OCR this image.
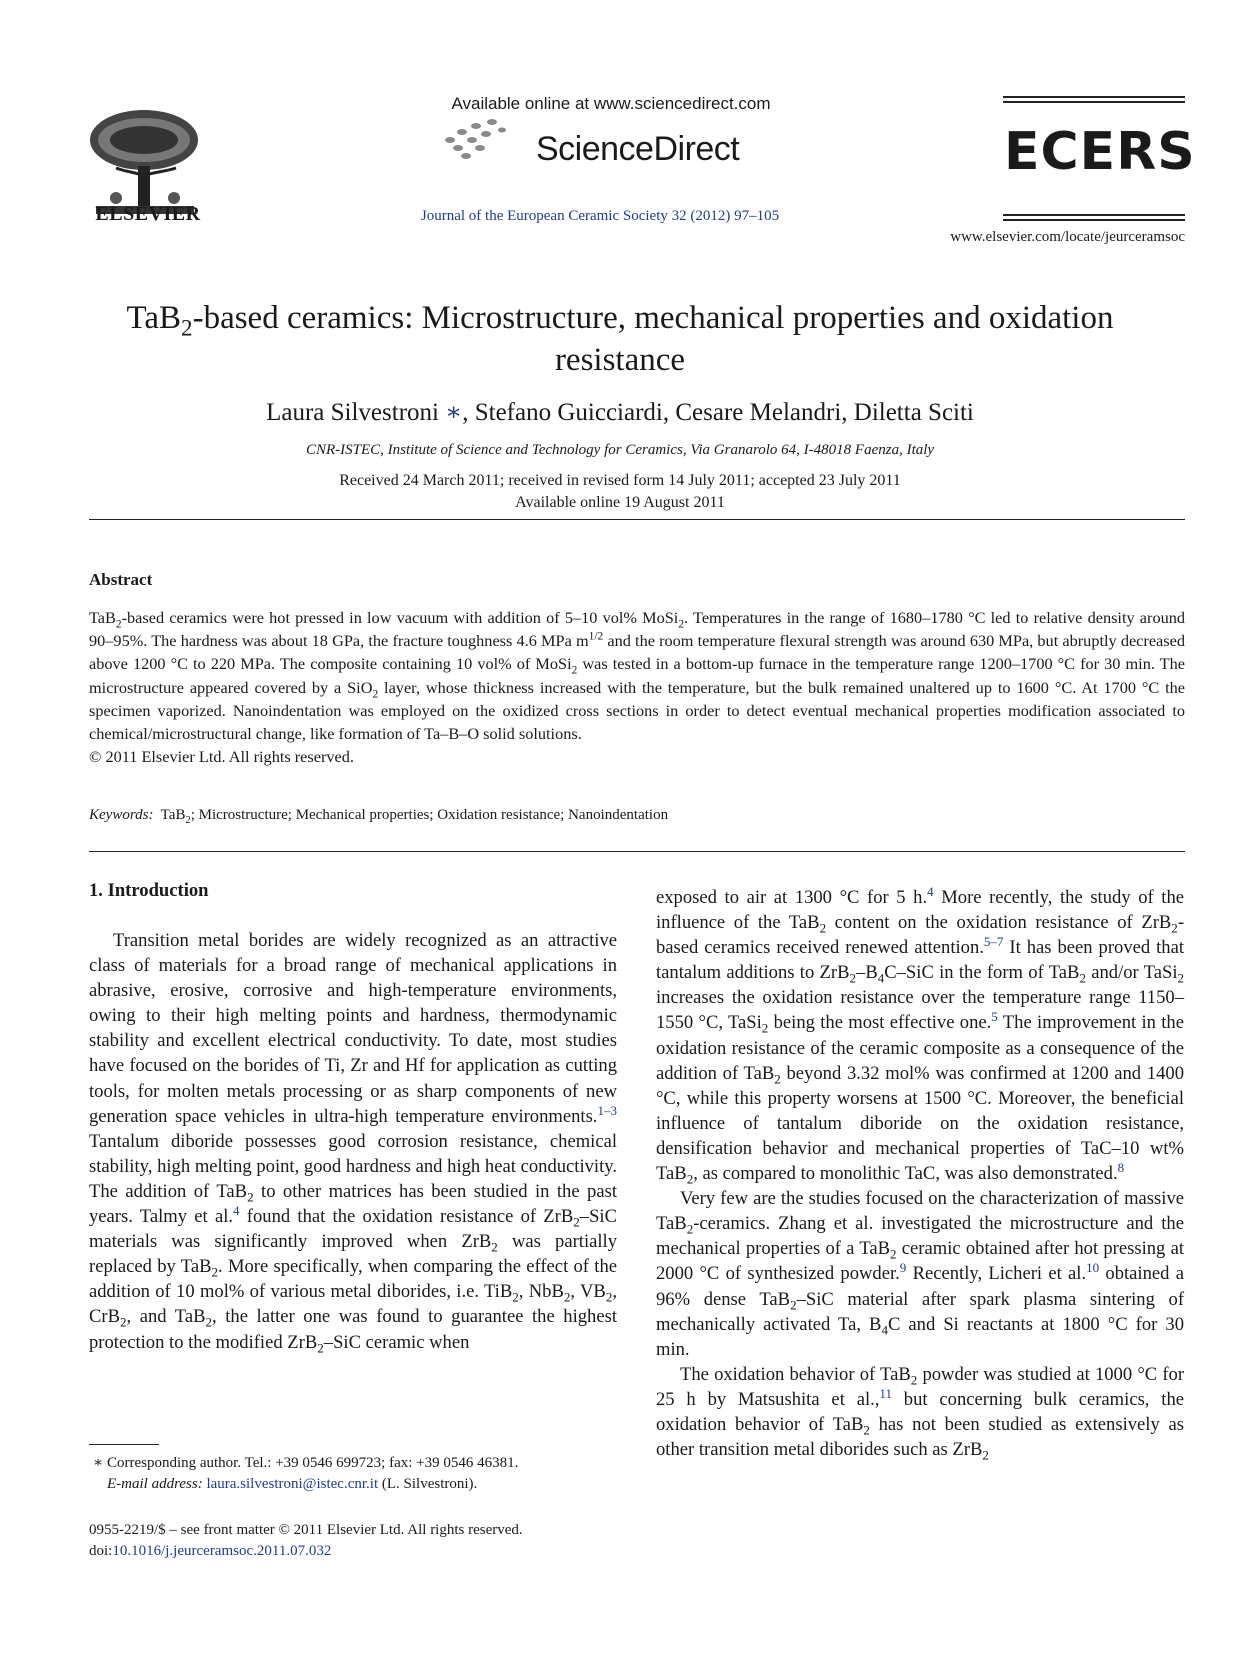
ELSEVIER
Available online at www.sciencedirect.com
ScienceDirect
Journal of the European Ceramic Society 32 (2012) 97–105
ECERS
www.elsevier.com/locate/jeurceramsoc
TaB$_2$-based ceramics: Microstructure, mechanical properties and oxidation resistance
Laura Silvestroni ∗, Stefano Guicciardi, Cesare Melandri, Diletta Sciti
CNR-ISTEC, Institute of Science and Technology for Ceramics, Via Granarolo 64, I-48018 Faenza, Italy
Received 24 March 2011; received in revised form 14 July 2011; accepted 23 July 2011
Available online 19 August 2011
Abstract
TaB$_2$-based ceramics were hot pressed in low vacuum with addition of 5–10 vol% MoSi$_2$. Temperatures in the range of 1680–1780 °C led to relative density around 90–95%. The hardness was about 18 GPa, the fracture toughness 4.6 MPa $m^{1/2}$ and the room temperature flexural strength was around 630 MPa, but abruptly decreased above 1200 °C to 220 MPa. The composite containing 10 vol% of MoSi$_2$ was tested in a bottom-up furnace in the temperature range 1200–1700 °C for 30 min. The microstructure appeared covered by a SiO$_2$ layer, whose thickness increased with the temperature, but the bulk remained unaltered up to 1600 °C. At 1700 °C the specimen vaporized. Nanoindentation was employed on the oxidized cross sections in order to detect eventual mechanical properties modification associated to chemical/microstructural change, like formation of Ta–B–O solid solutions.
© 2011 Elsevier Ltd. All rights reserved.
Keywords:  TaB$_2$; Microstructure; Mechanical properties; Oxidation resistance; Nanoindentation
1. Introduction

Transition metal borides are widely recognized as an attractive class of materials for a broad range of mechanical applications in abrasive, erosive, corrosive and high-temperature environments, owing to their high melting points and hardness, thermodynamic stability and excellent electrical conductivity. To date, most studies have focused on the borides of Ti, Zr and Hf for application as cutting tools, for molten metals processing or as sharp components of new generation space vehicles in ultra-high temperature environments.$^{1-3}$ Tantalum diboride possesses good corrosion resistance, chemical stability, high melting point, good hardness and high heat conductivity. The addition of TaB$_2$ to other matrices has been studied in the past years. Talmy et al.$^4$ found that the oxidation resistance of ZrB$_2$–SiC materials was significantly improved when ZrB$_2$ was partially replaced by TaB$_2$. More specifically, when comparing the effect of the addition of 10 mol% of various metal diborides, i.e. TiB$_2$, NbB$_2$, $VB_2$, CrB$_2$, and TaB$_2$, the latter one was found to guarantee the highest protection to the modified ZrB$_2$–SiC ceramic when

exposed to air at 1300 °C for 5 h.$^4$ More recently, the study of the influence of the TaB$_2$ content on the oxidation resistance of ZrB$_2$-based ceramics received renewed attention.$^{5-7}$ It has been proved that tantalum additions to $ZrB_2-B_4C$–SiC in the form of TaB$_2$ and/or TaSi$_2$ increases the oxidation resistance over the temperature range 1150–1550 °C, TaSi$_2$ being the most effective one.$^5$ The improvement in the oxidation resistance of the ceramic composite as a consequence of the addition of TaB$_2$ beyond 3.32 mol% was confirmed at 1200 and 1400 °C, while this property worsens at 1500 °C. Moreover, the beneficial influence of tantalum diboride on the oxidation resistance, densification behavior and mechanical properties of TaC–10 wt% TaB$_2$, as compared to monolithic TaC, was also demonstrated.$^8$

Very few are the studies focused on the characterization of massive TaB$_2$-ceramics. Zhang et al. investigated the microstructure and the mechanical properties of a TaB$_2$ ceramic obtained after hot pressing at 2000 °C of synthesized powder.$^9$ Recently, Licheri et al.$^{10}$ obtained a 96% dense TaB$_2$–SiC material after spark plasma sintering of mechanically activated Ta, $B_4C$ and Si reactants at 1800 °C for 30 min.

The oxidation behavior of TaB$_2$ powder was studied at 1000 °C for 25 h by Matsushita et al.,$^{11}$ but concerning bulk ceramics, the oxidation behavior of TaB$_2$ has not been studied as extensively as other transition metal diborides such as ZrB$_2$

∗ Corresponding author. Tel.: +39 0546 699723; fax: +39 0546 46381.
E-mail address: laura.silvestroni@istec.cnr.it (L. Silvestroni).
0955-2219/$ – see front matter © 2011 Elsevier Ltd. All rights reserved.
doi:10.1016/j.jeurceramsoc.2011.07.032
